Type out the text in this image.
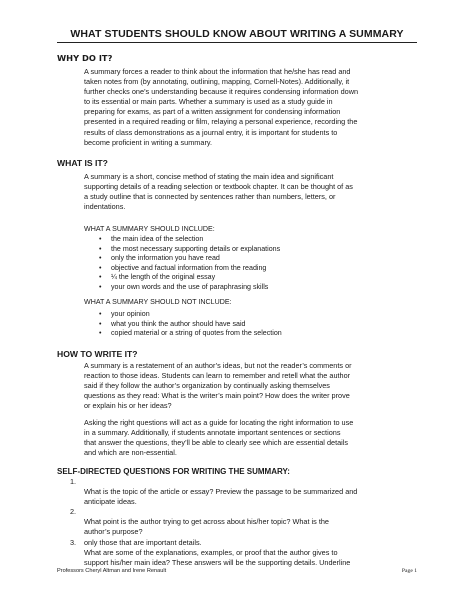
WHAT STUDENTS SHOULD KNOW ABOUT WRITING A SUMMARY
WHY DO IT?
A summary forces a reader to think about the information that he/she has read and
taken notes from (by annotating, outlining, mapping, Cornell-Notes). Additionally, it
further checks one’s understanding because it requires condensing information down
to its essential or main parts. Whether a summary is used as a study guide in
preparing for exams, as part of a written assignment for condensing information
presented in a required reading or film, relaying a personal experience, recording the
results of class demonstrations as a journal entry, it is important for students to
become proficient in writing a summary.
WHAT IS IT?
A summary is a short, concise method of stating the main idea and significant
supporting details of a reading selection or textbook chapter. It can be thought of as
a study outline that is connected by sentences rather than numbers, letters, or
indentations.
WHAT A SUMMARY SHOULD INCLUDE:
• the main idea of the selection
• the most necessary supporting details or explanations
• only the information you have read
• objective and factual information from the reading
• ¼ the length of the original essay
• your own words and the use of paraphrasing skills
WHAT A SUMMARY SHOULD NOT INCLUDE:
• your opinion
• what you think the author should have said
• copied material or a string of quotes from the selection
HOW TO WRITE IT?
A summary is a restatement of an author’s ideas, but not the reader’s comments or
reaction to those ideas. Students can learn to remember and retell what the author
said if they follow the author’s organization by continually asking themselves
questions as they read: What is the writer’s main point? How does the writer prove
or explain his or her ideas?
Asking the right questions will act as a guide for locating the right information to use
in a summary. Additionally, if students annotate important sentences or sections
that answer the questions, they’ll be able to clearly see which are essential details
and which are non-essential.
SELF-DIRECTED QUESTIONS FOR WRITING THE SUMMARY:

1.
What is the topic of the article or essay? Preview the passage to be summarized and
anticipate ideas.

2.
What point is the author trying to get across about his/her topic? What is the
author’s purpose?

3.
What are some of the explanations, examples, or proof that the author gives to
support his/her main idea? These answers will be the supporting details. Underline

only those that are important details.
Professors Cheryl Altman and Irene Renault	Page 1
